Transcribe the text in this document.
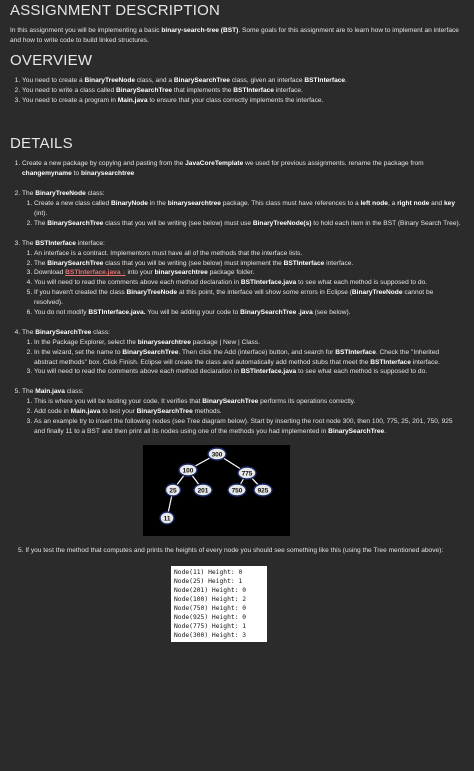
ASSIGNMENT DESCRIPTION

In this assignment you will be implementing a basic binary-search-tree (BST). Some goals for this assignment are to learn how to implement an interface and how to write code to build linked structures.

OVERVIEW
1. You need to create a BinaryTreeNode class, and a BinarySearchTree class, given an interface BSTInterface.
2. You need to write a class called BinarySearchTree that implements the BSTInterface interface.
3. You need to create a program in Main.java to ensure that your class correctly implements the interface.
DETAILS
1. Create a new package by copying and pasting from the JavaCoreTemplate we used for previous assignments. rename the package from changemyname to binarysearchtree
2. The BinaryTreeNode class:
1. Create a new class called BinaryNode in the binarysearchtree package. This class must have references to a left node, a right node and key (int).
2. The BinarySearchTree class that you will be writing (see below) must use BinaryTreeNode(s) to hold each item in the BST (Binary Search Tree).
3. The BSTInterface interface:
1. An interface is a contract. Implementors must have all of the methods that the interface lists.
2. The BinarySearchTree class that you will be writing (see below) must implement the BSTInterface interface.
3. Download BSTInterface.java ↓ into your binarysearchtree package folder.
4. You will need to read the comments above each method declaration in BSTInterface.java to see what each method is supposed to do.
5. If you haven't created the class BinaryTreeNode at this point, the interface will show some errors in Eclipse (BinaryTreeNode cannot be resolved).
6. You do not modify BSTInterface.java. You will be adding your code to BinarySearchTree .java (see below).
4. The BinarySearchTree class:
1. In the Package Explorer, select the binarysearchtree package | New | Class.
2. In the wizard, set the name to BinarySearchTree. Then click the Add (interface) button, and search for BSTInterface. Check the "Inherited abstract methods" box. Click Finish. Eclipse will create the class and automatically add method stubs that meet the BSTInterface interface.
3. You will need to read the comments above each method declaration in BSTInterface.java to see what each method is supposed to do.
5. The Main.java class:
1. This is where you will be testing your code. It verifies that BinarySearchTree performs its operations correctly.
2. Add code in Main.java to test your BinarySearchTree methods.
3. As an example try to insert the following nodes (see Tree diagram below). Start by inserting the root node 300, then 100, 775, 25, 201, 750, 925 and finally 11 to a BST and then print all its nodes using one of the methods you had implemented in BinarySearchTree.
300
100	775
25	201	750 925
11
5. If you test the method that computes and prints the heights of every node you should see something like this (using the Tree mentioned above):
Node(11) Height: 0
Node(25) Height: 1
Node(201) Height: 0
Node(100) Height: 2
Node(750) Height: 0
Node(925) Height: 0
Node(775) Height: 1
Node(300) Height: 3
